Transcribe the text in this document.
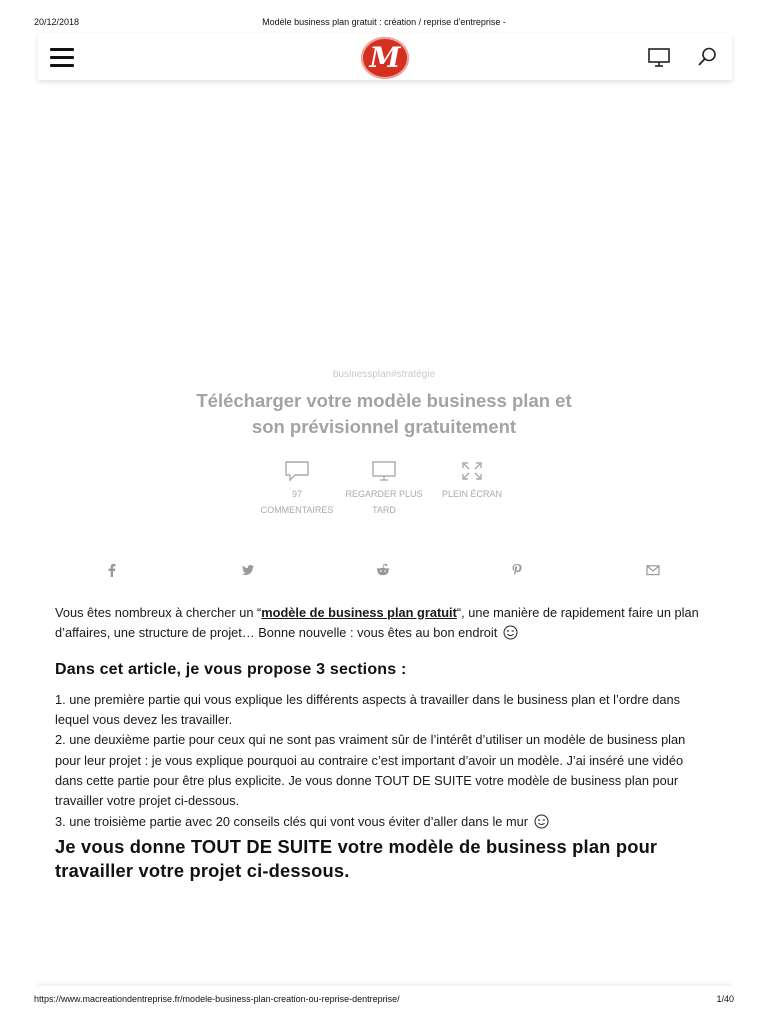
20/12/2018	Modèle business plan gratuit : création / reprise d'entreprise -
M
businessplan#stratégie
Télécharger votre modèle business plan et son prévisionnel gratuitement
97
COMMENTAIRES
REGARDER PLUS
TARD
PLEIN ÉCRAN

Vous êtes nombreux à chercher un “modèle de business plan gratuit“, une manière de rapidement faire un plan d’affaires, une structure de projet… Bonne nouvelle : vous êtes au bon endroit

Dans cet article, je vous propose 3 sections :

1. une première partie qui vous explique les différents aspects à travailler dans le business plan et l’ordre dans lequel vous devez les travailler.

2. une deuxième partie pour ceux qui ne sont pas vraiment sûr de l’intérêt d’utiliser un modèle de business plan pour leur projet : je vous explique pourquoi au contraire c’est important d’avoir un modèle. J’ai inséré une vidéo dans cette partie pour être plus explicite. Je vous donne TOUT DE SUITE votre modèle de business plan pour travailler votre projet ci-dessous.

3. une troisième partie avec 20 conseils clés qui vont vous éviter d’aller dans le mur

Je vous donne TOUT DE SUITE votre modèle de business plan pour travailler votre projet ci-dessous.
https://www.macreationdentreprise.fr/modele-business-plan-creation-ou-reprise-dentreprise/	1/40
